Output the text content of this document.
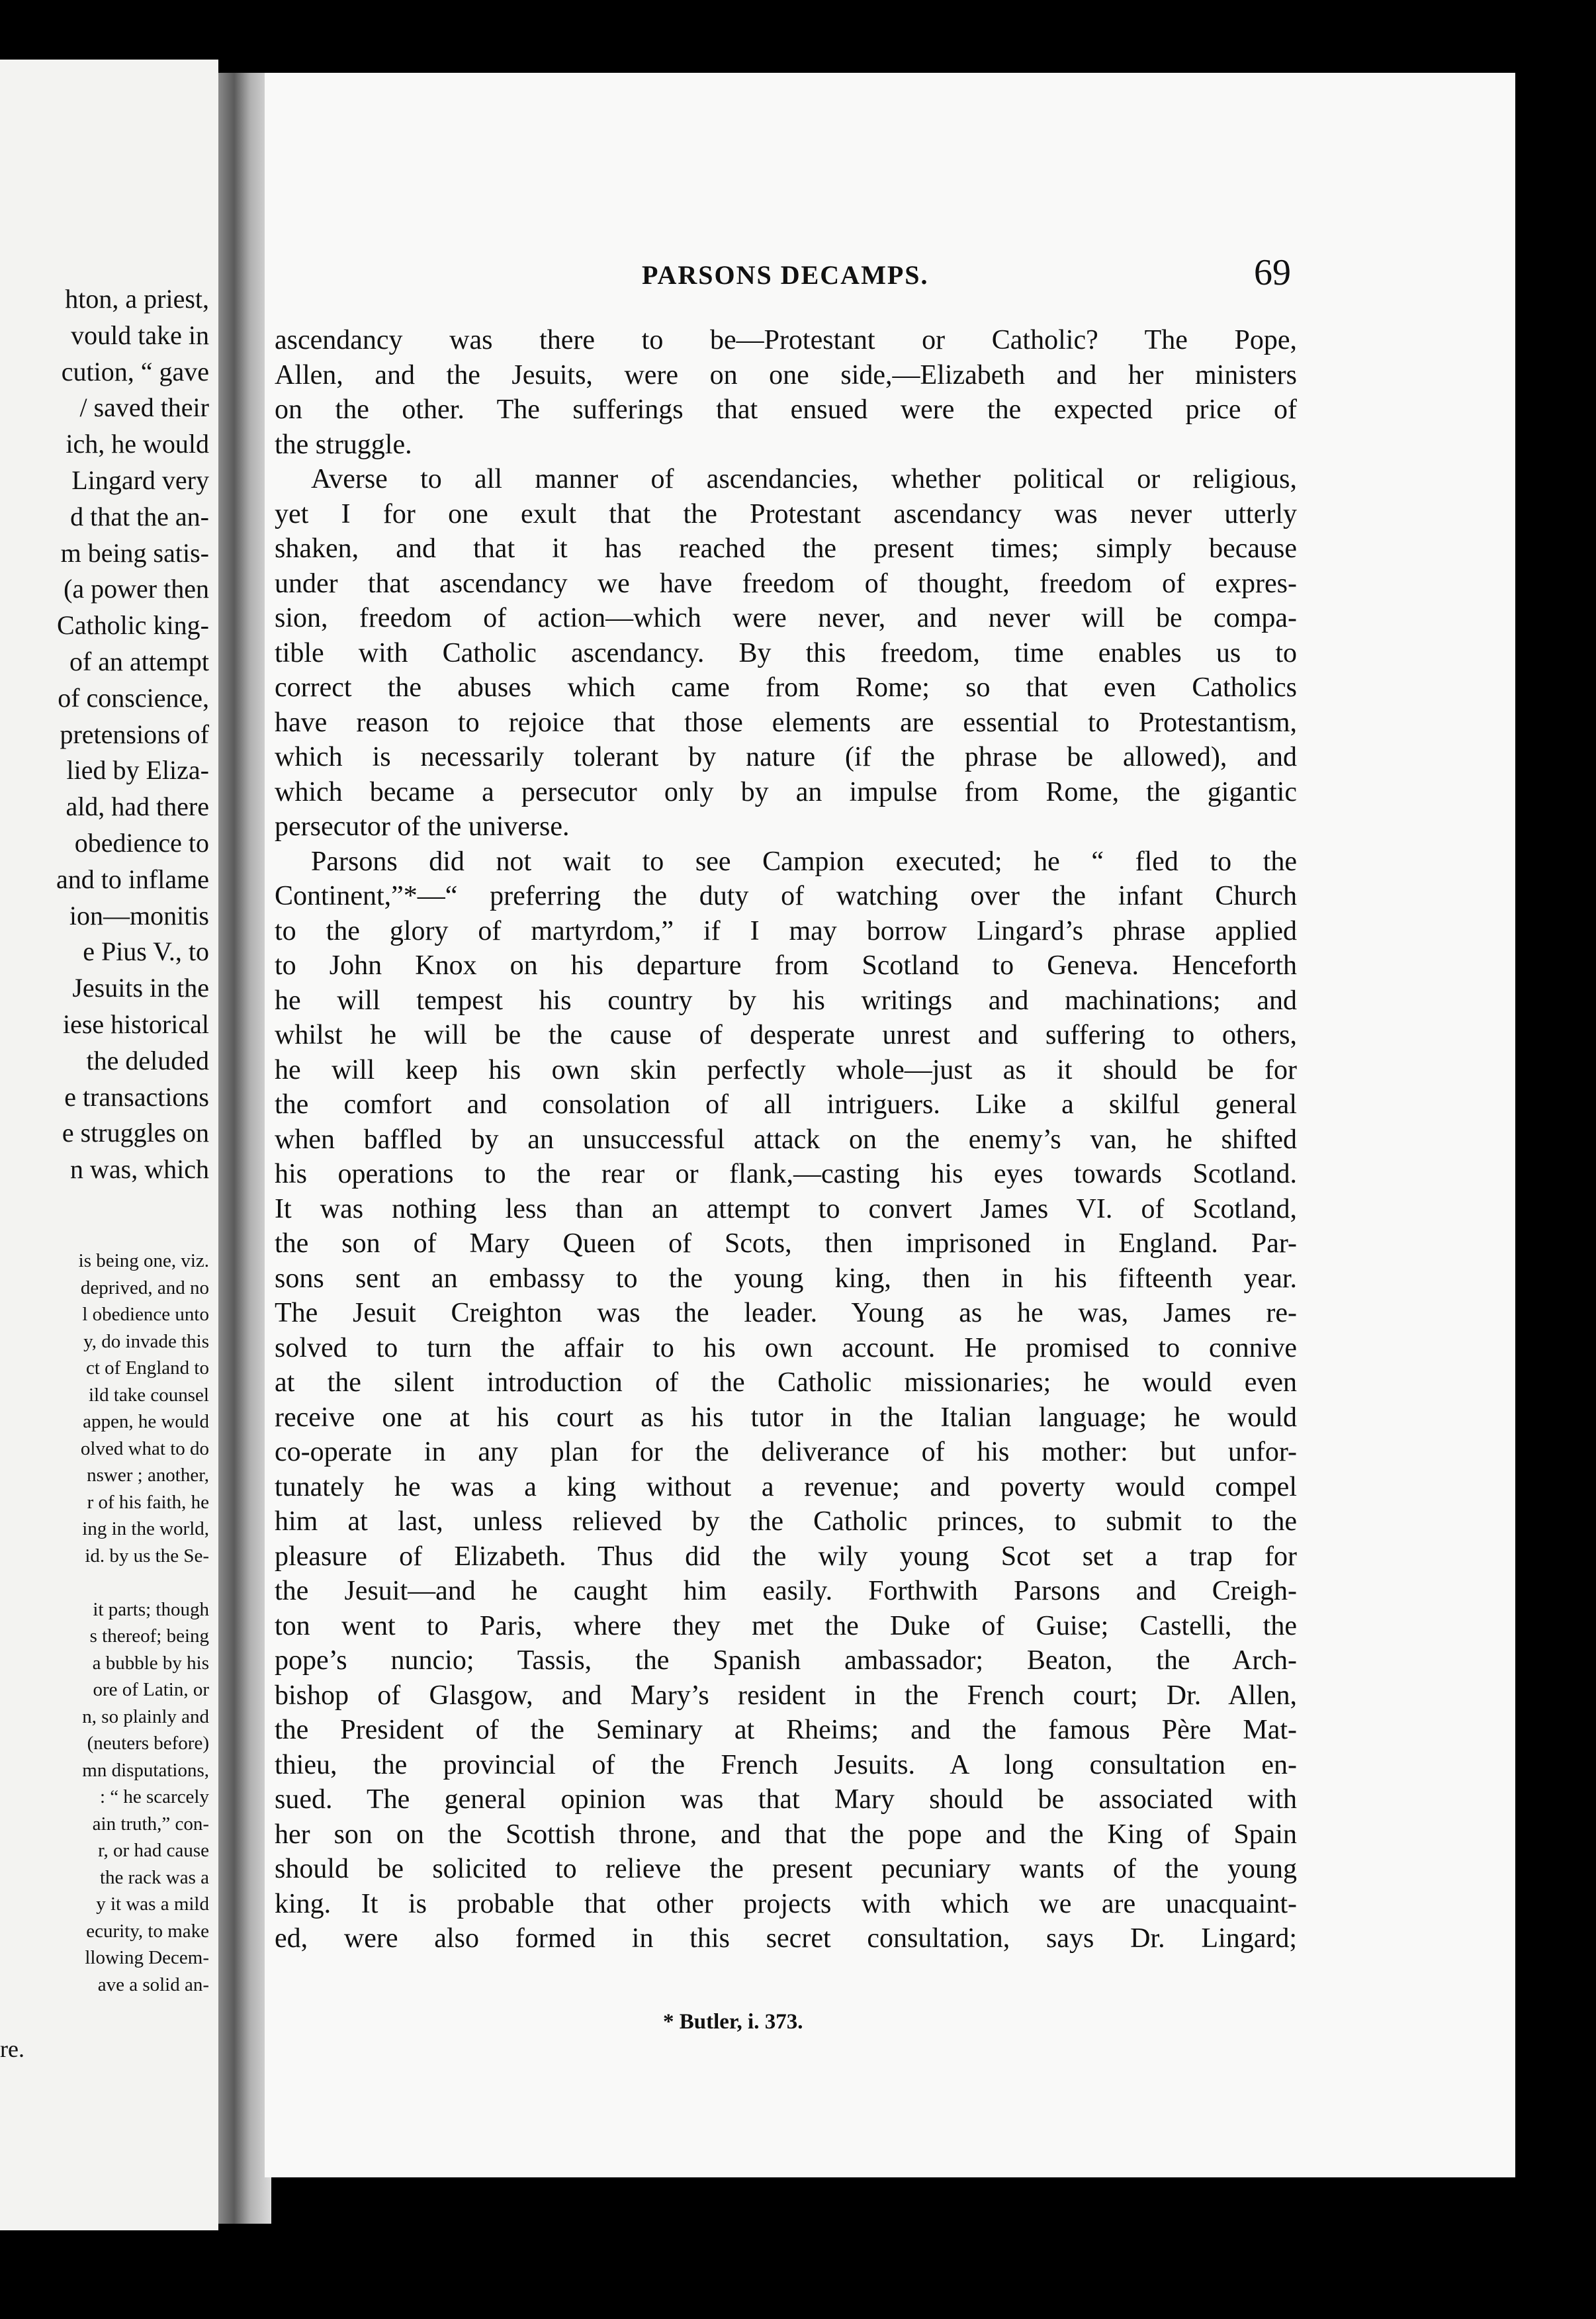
hton, a priest,
vould take in
cution, “ gave
/ saved their
ich, he would
Lingard very
d that the an-
m being satis-
(a power then
Catholic king-
of an attempt
of conscience,
pretensions of
lied by Eliza-
ald, had there
obedience to
and to inflame
ion—monitis
e Pius V., to
Jesuits in the
iese historical
the deluded
e transactions
e struggles on
n was, which
is being one, viz.
deprived, and no
l obedience unto
y, do invade this
ct of England to
ild take counsel
appen, he would
olved what to do
nswer ; another,
r of his faith, he
ing in the world,
id. by us the Se-
it parts; though
s thereof; being
a bubble by his
ore of Latin, or
n, so plainly and
(neuters before)
mn disputations,
: “ he scarcely
ain truth,” con-
r, or had cause
the rack was a
y it was a mild
ecurity, to make
llowing Decem-
ave a solid an-
re.
PARSONS DECAMPS.	69
ascendancy was there to be—Protestant or Catholic? The Pope,
Allen, and the Jesuits, were on one side,—Elizabeth and her ministers
on the other. The sufferings that ensued were the expected price of
the struggle.
Averse to all manner of ascendancies, whether political or religious,
yet I for one exult that the Protestant ascendancy was never utterly
shaken, and that it has reached the present times; simply because
under that ascendancy we have freedom of thought, freedom of expres-
sion, freedom of action—which were never, and never will be compa-
tible with Catholic ascendancy. By this freedom, time enables us to
correct the abuses which came from Rome; so that even Catholics
have reason to rejoice that those elements are essential to Protestantism,
which is necessarily tolerant by nature (if the phrase be allowed), and
which became a persecutor only by an impulse from Rome, the gigantic
persecutor of the universe.
Parsons did not wait to see Campion executed; he “ fled to the
Continent,”*—“ preferring the duty of watching over the infant Church
to the glory of martyrdom,” if I may borrow Lingard’s phrase applied
to John Knox on his departure from Scotland to Geneva. Henceforth
he will tempest his country by his writings and machinations; and
whilst he will be the cause of desperate unrest and suffering to others,
he will keep his own skin perfectly whole—just as it should be for
the comfort and consolation of all intriguers. Like a skilful general
when baffled by an unsuccessful attack on the enemy’s van, he shifted
his operations to the rear or flank,—casting his eyes towards Scotland.
It was nothing less than an attempt to convert James VI. of Scotland,
the son of Mary Queen of Scots, then imprisoned in England. Par-
sons sent an embassy to the young king, then in his fifteenth year.
The Jesuit Creighton was the leader. Young as he was, James re-
solved to turn the affair to his own account. He promised to connive
at the silent introduction of the Catholic missionaries; he would even
receive one at his court as his tutor in the Italian language; he would
co-operate in any plan for the deliverance of his mother: but unfor-
tunately he was a king without a revenue; and poverty would compel
him at last, unless relieved by the Catholic princes, to submit to the
pleasure of Elizabeth. Thus did the wily young Scot set a trap for
the Jesuit—and he caught him easily. Forthwith Parsons and Creigh-
ton went to Paris, where they met the Duke of Guise; Castelli, the
pope’s nuncio; Tassis, the Spanish ambassador; Beaton, the Arch-
bishop of Glasgow, and Mary’s resident in the French court; Dr. Allen,
the President of the Seminary at Rheims; and the famous Père Mat-
thieu, the provincial of the French Jesuits. A long consultation en-
sued. The general opinion was that Mary should be associated with
her son on the Scottish throne, and that the pope and the King of Spain
should be solicited to relieve the present pecuniary wants of the young
king. It is probable that other projects with which we are unacquaint-
ed, were also formed in this secret consultation, says Dr. Lingard;
* Butler, i. 373.
